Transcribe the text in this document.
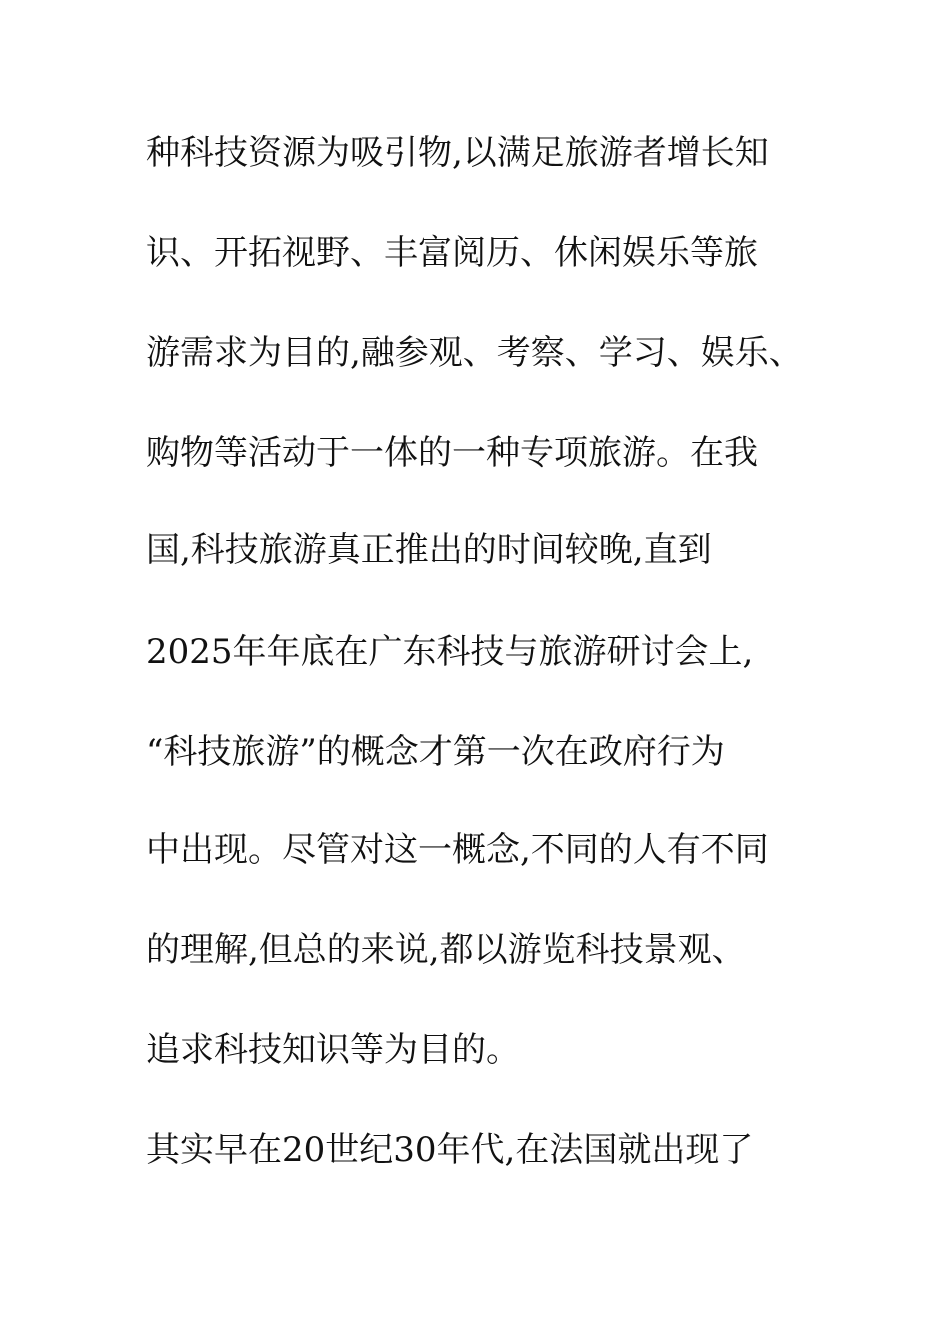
种科技资源为吸引物,以满足旅游者增长知
识、开拓视野、丰富阅历、休闲娱乐等旅
游需求为目的,融参观、考察、学习、娱乐、
购物等活动于一体的一种专项旅游。在我
国,科技旅游真正推出的时间较晚,直到
2025年年底在广东科技与旅游研讨会上,
“科技旅游”的概念才第一次在政府行为
中出现。尽管对这一概念,不同的人有不同
的理解,但总的来说,都以游览科技景观、
追求科技知识等为目的。
其实早在20世纪30年代,在法国就出现了
